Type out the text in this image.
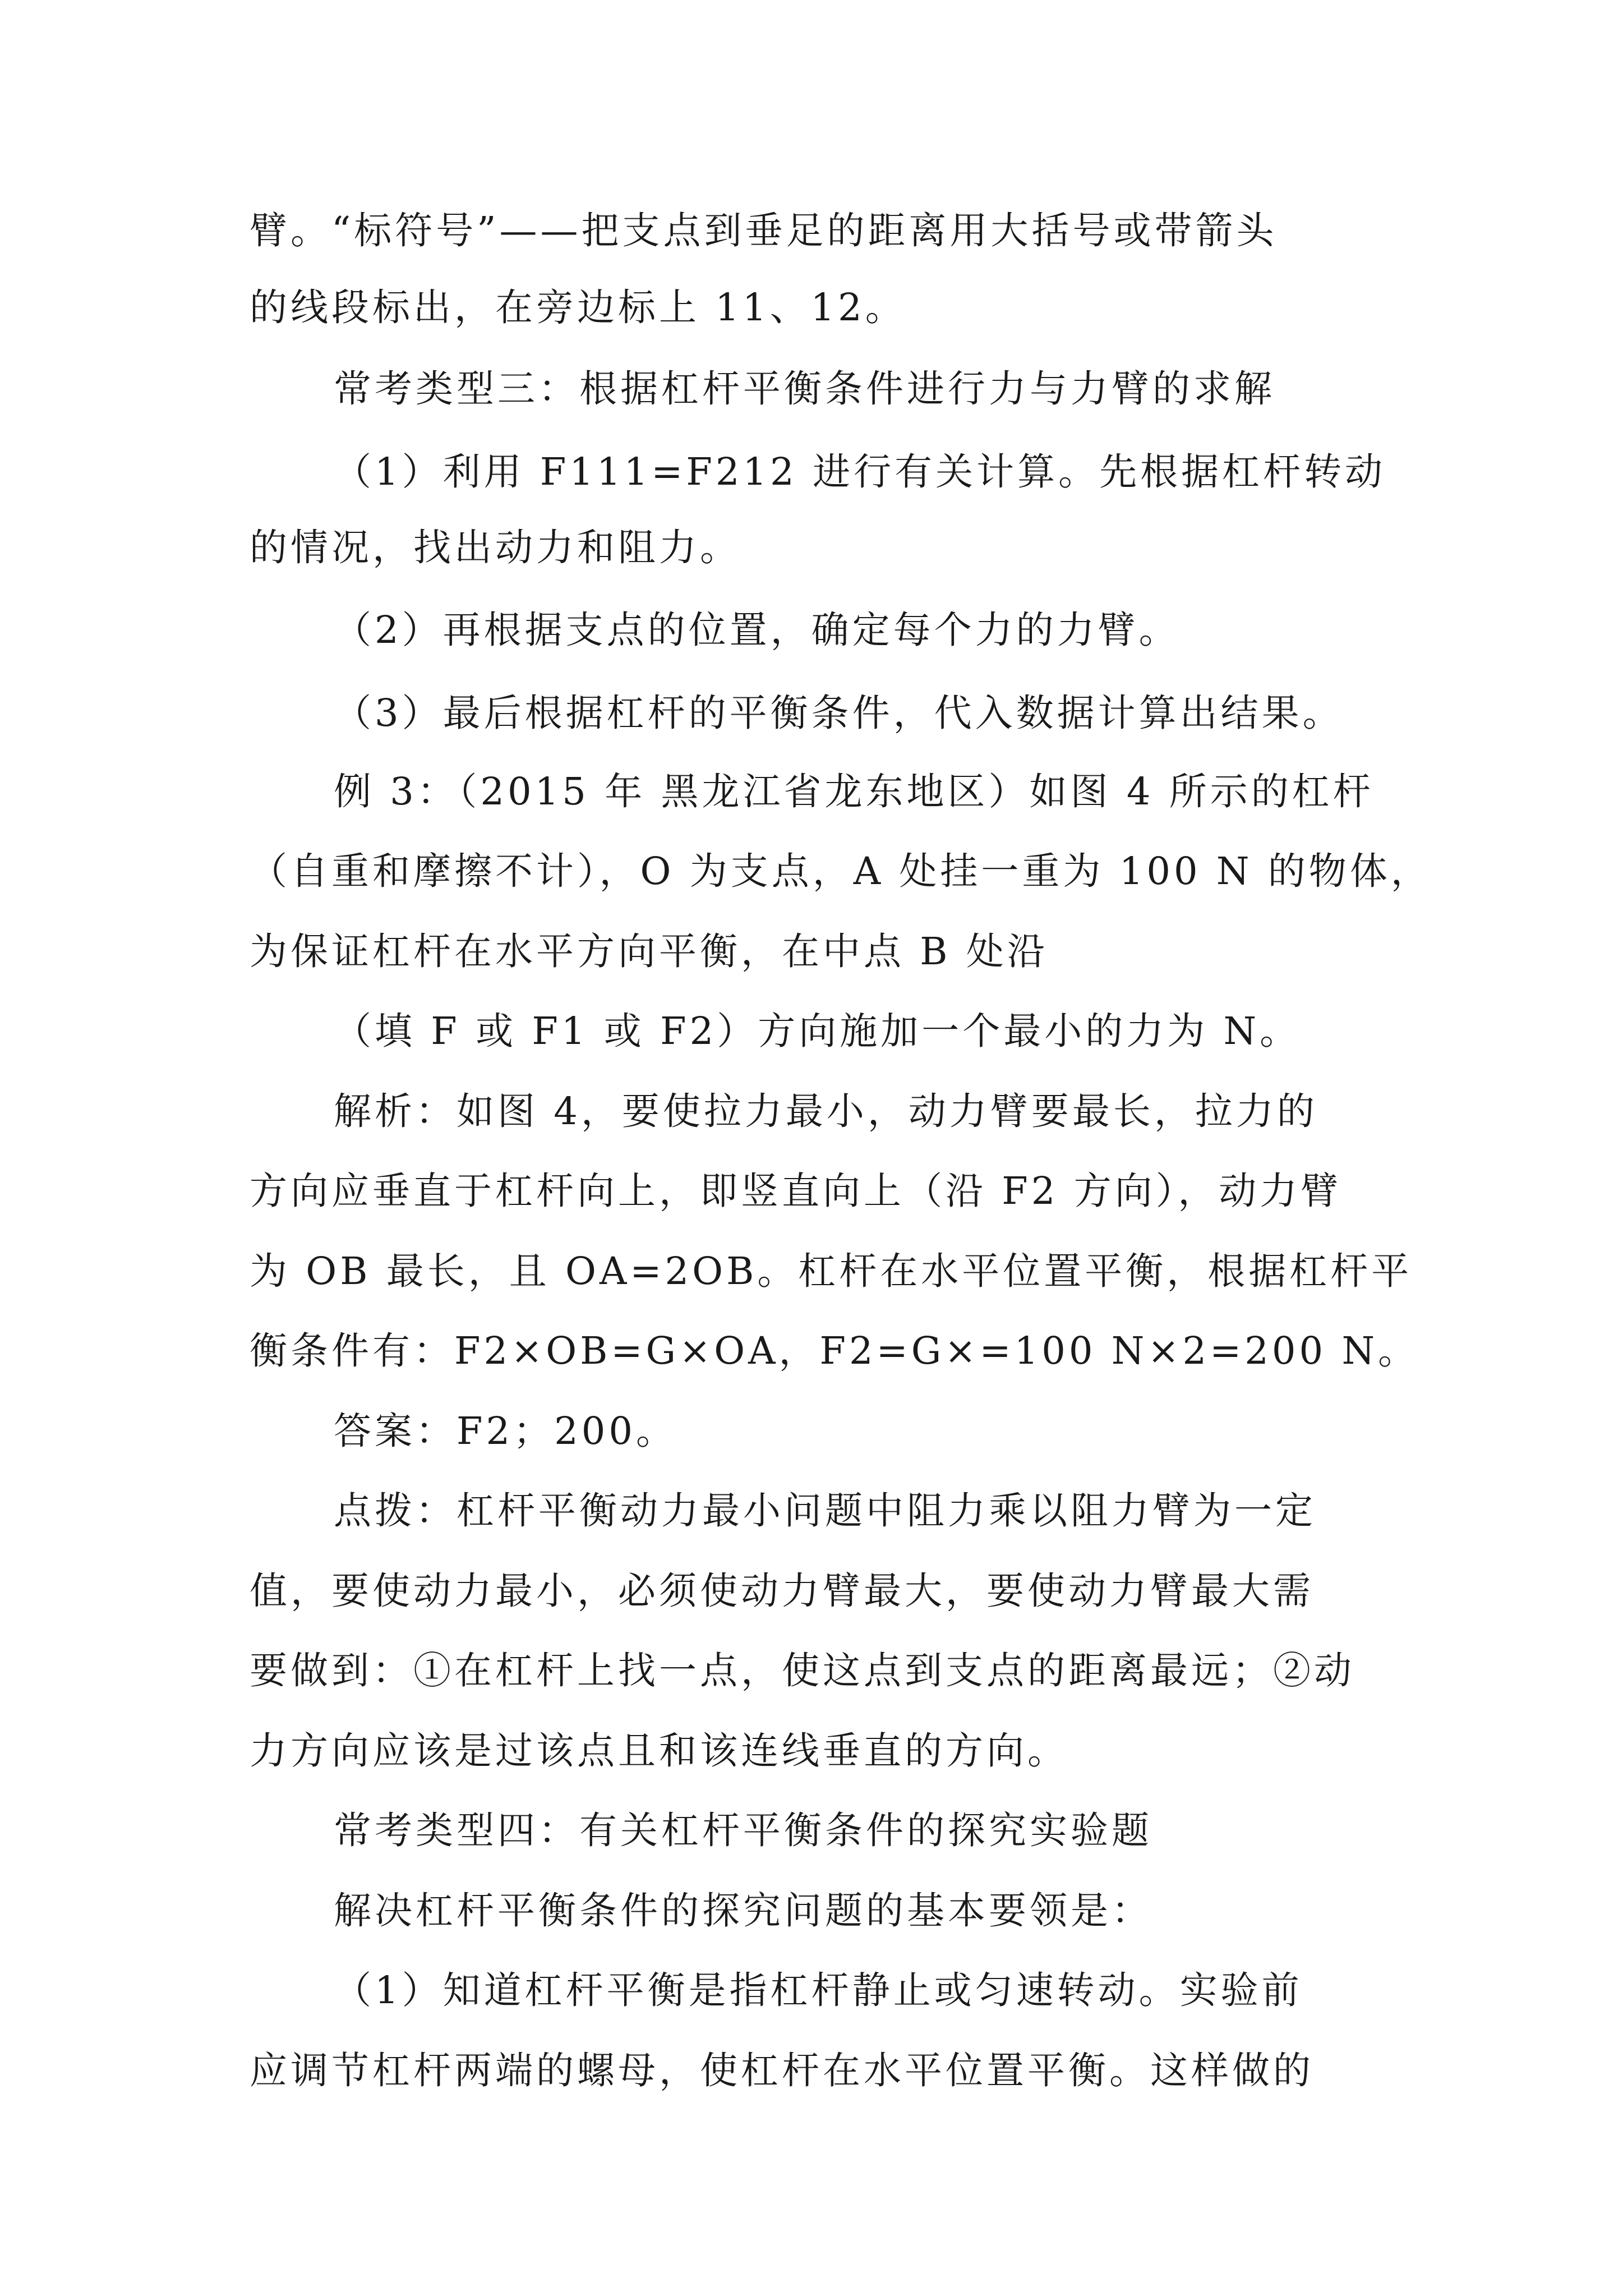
臂。“标符号”——把支点到垂足的距离用大括号或带箭头
的线段标出，在旁边标上 11、12。
常考类型三：根据杠杆平衡条件进行力与力臂的求解
（1）利用 F111=F212 进行有关计算。先根据杠杆转动
的情况，找出动力和阻力。
（2）再根据支点的位置，确定每个力的力臂。
（3）最后根据杠杆的平衡条件，代入数据计算出结果。
例 3：（2015 年 黑龙江省龙东地区）如图 4 所示的杠杆
（自重和摩擦不计），O 为支点，A 处挂一重为 100 N 的物体，
为保证杠杆在水平方向平衡，在中点 B 处沿
（填 F 或 F1 或 F2）方向施加一个最小的力为 N。
解析：如图 4，要使拉力最小，动力臂要最长，拉力的
方向应垂直于杠杆向上，即竖直向上（沿 F2 方向），动力臂
为 OB 最长，且 OA=2OB。杠杆在水平位置平衡，根据杠杆平
衡条件有：F2×OB=G×OA，F2=G×=100 N×2=200 N。
答案：F2；200。
点拨：杠杆平衡动力最小问题中阻力乘以阻力臂为一定
值，要使动力最小，必须使动力臂最大，要使动力臂最大需
要做到：①在杠杆上找一点，使这点到支点的距离最远；②动
力方向应该是过该点且和该连线垂直的方向。
常考类型四：有关杠杆平衡条件的探究实验题
解决杠杆平衡条件的探究问题的基本要领是：
（1）知道杠杆平衡是指杠杆静止或匀速转动。实验前
应调节杠杆两端的螺母，使杠杆在水平位置平衡。这样做的
